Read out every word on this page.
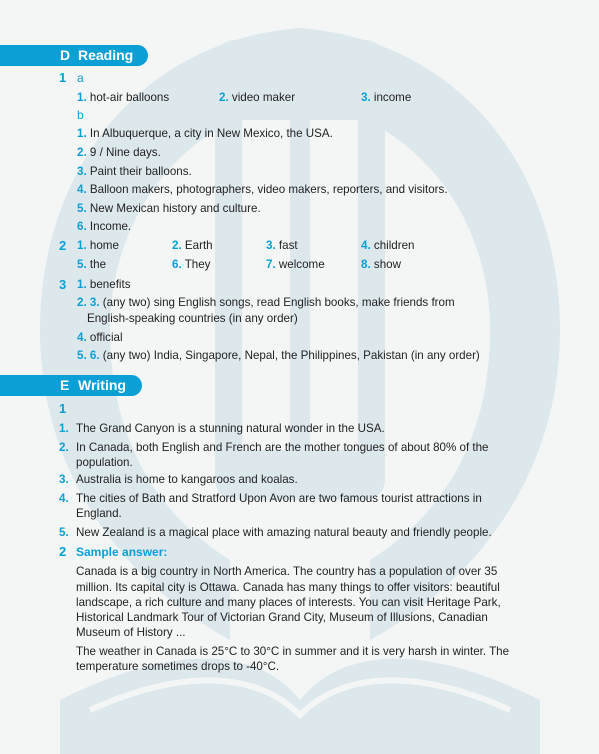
D Reading
1 a
1. hot-air balloons	2. video maker	3. income
b
1. In Albuquerque, a city in New Mexico, the USA.
2. 9 / Nine days.
3. Paint their balloons.
4. Balloon makers, photographers, video makers, reporters, and visitors.
5. New Mexican history and culture.
6. Income.
2 1. home	2. Earth	3. fast	4. children
5. the	6. They	7. welcome	8. show
3 1. benefits
2. 3. (any two) sing English songs, read English books, make friends from
English-speaking countries (in any order)
4. official
5. 6. (any two) India, Singapore, Nepal, the Philippines, Pakistan (in any order)
E Writing
1
1. The Grand Canyon is a stunning natural wonder in the USA.
2. In Canada, both English and French are the mother tongues of about 80% of the
population.
3. Australia is home to kangaroos and koalas.
4. The cities of Bath and Stratford Upon Avon are two famous tourist attractions in
England.
5. New Zealand is a magical place with amazing natural beauty and friendly people.
2 Sample answer:
Canada is a big country in North America. The country has a population of over 35
million. Its capital city is Ottawa. Canada has many things to offer visitors: beautiful
landscape, a rich culture and many places of interests. You can visit Heritage Park,
Historical Landmark Tour of Victorian Grand City, Museum of Illusions, Canadian
Museum of History ...
The weather in Canada is 25°C to 30°C in summer and it is very harsh in winter. The
temperature sometimes drops to -40°C.
